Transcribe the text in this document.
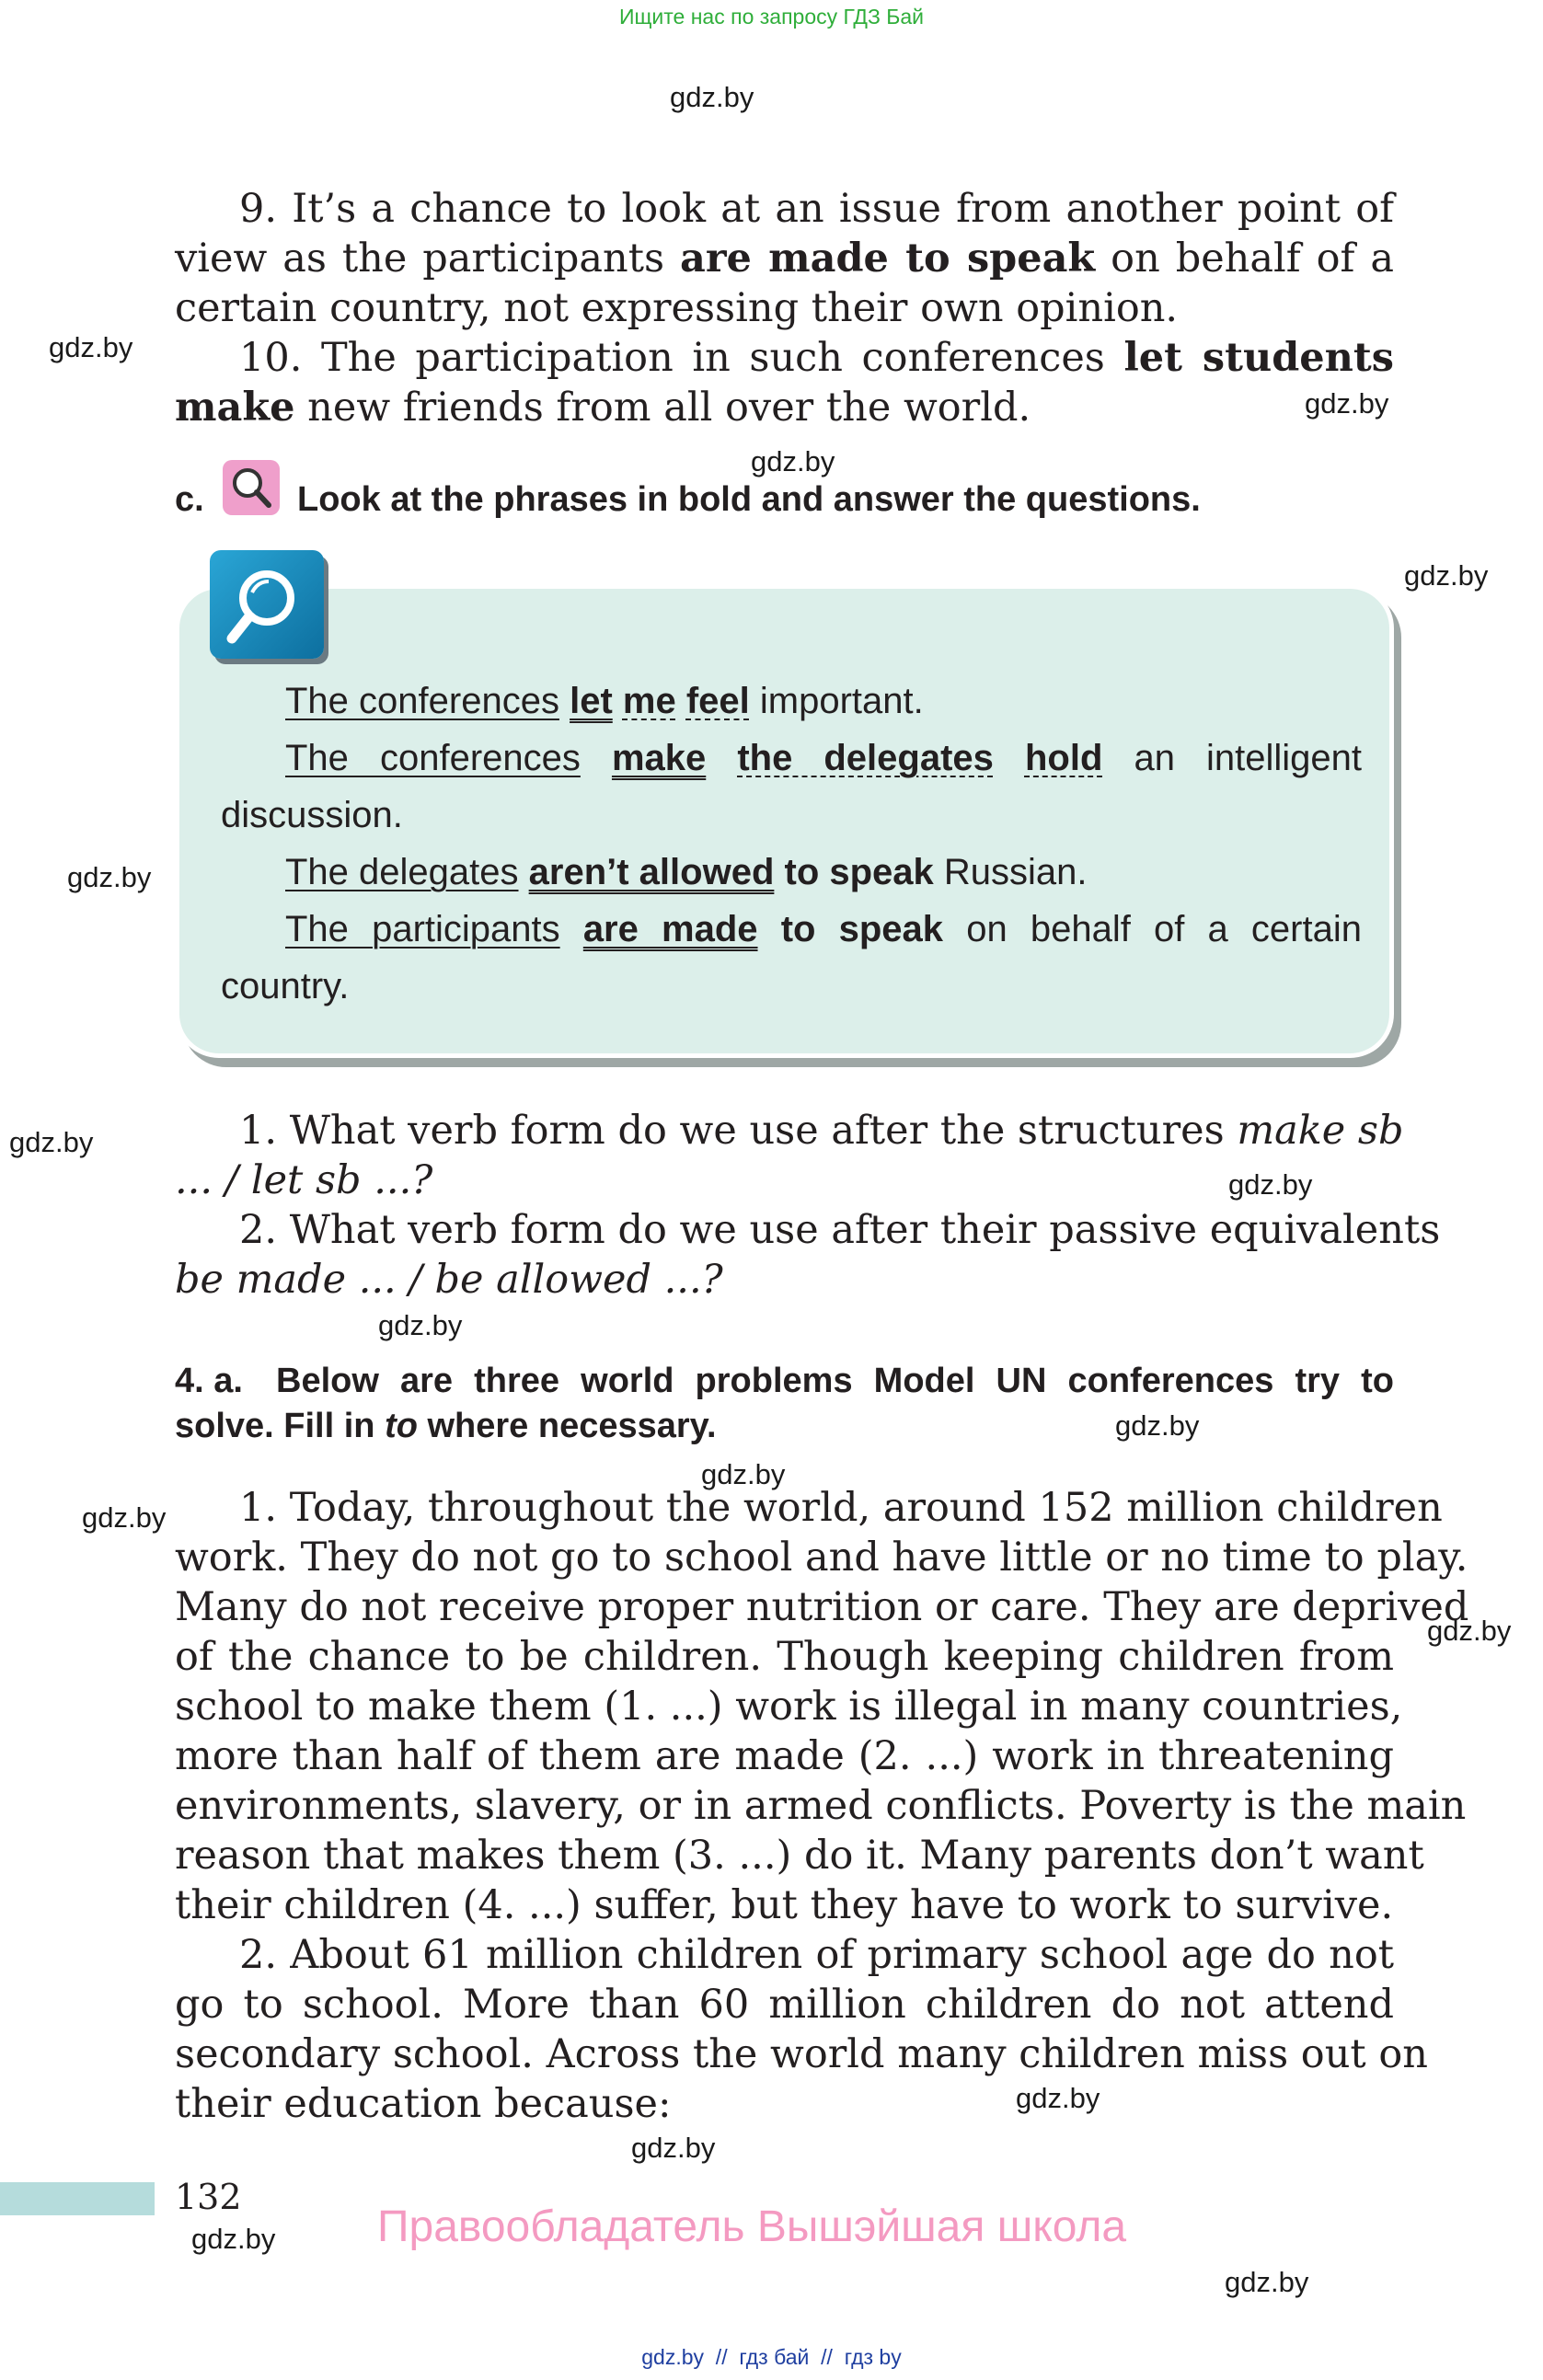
Ищите нас по запросу ГДЗ Бай
gdz.by
gdz.by
gdz.by
gdz.by
gdz.by
gdz.by
gdz.by
gdz.by
gdz.by
gdz.by
gdz.by
gdz.by
gdz.by
gdz.by
gdz.by
gdz.by
gdz.by
9. It’s a chance to look at an issue from another point of view as the participants are made to speak on behalf of a certain country, not expressing their own opinion.
10. The participation in such conferences let students make new friends from all over the world.
c.	Look at the phrases in bold and answer the questions.
The conferences let me feel important.
The conferences make the delegates hold an intelligent
discussion.
The delegates aren’t allowed to speak Russian.
The participants are made to speak on behalf of a certain
country.
1. What verb form do we use after the structures make sb
... / let sb ...?
2. What verb form do we use after their passive equivalents
be made ... / be allowed ...?
4. a. Below are three world problems Model UN conferences try to
solve. Fill in to where necessary.
1. Today, throughout the world, around 152 million children
work. They do not go to school and have little or no time to play.
Many do not receive proper nutrition or care. They are deprived
of the chance to be children. Though keeping children from
school to make them (1. ...) work is illegal in many countries,
more than half of them are made (2. ...) work in threatening
environments, slavery, or in armed conflicts. Poverty is the main
reason that makes them (3. ...) do it. Many parents don’t want
their children (4. ...) suffer, but they have to work to survive.
2. About 61 million children of primary school age do not
go to school. More than 60 million children do not attend
secondary school. Across the world many children miss out on
their education because:
132
Правообладатель Вышэйшая школа
gdz.by  //  гдз бай  //  гдз by
